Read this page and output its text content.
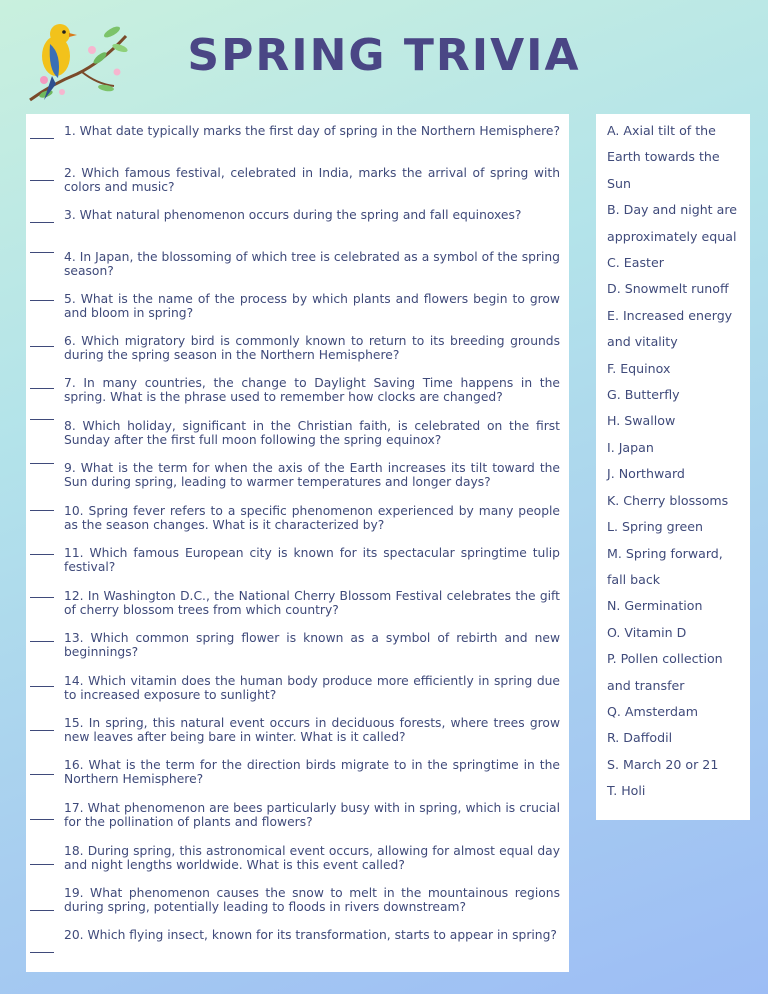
SPRING TRIVIA

1. What date typically marks the first day of spring in the Northern Hemisphere?

2. Which famous festival, celebrated in India, marks the arrival of spring with colors and music?

3. What natural phenomenon occurs during the spring and fall equinoxes?

4. In Japan, the blossoming of which tree is celebrated as a symbol of the spring season?

5. What is the name of the process by which plants and flowers begin to grow and bloom in spring?

6. Which migratory bird is commonly known to return to its breeding grounds during the spring season in the Northern Hemisphere?

7. In many countries, the change to Daylight Saving Time happens in the spring. What is the phrase used to remember how clocks are changed?

8. Which holiday, significant in the Christian faith, is celebrated on the first Sunday after the first full moon following the spring equinox?

9. What is the term for when the axis of the Earth increases its tilt toward the Sun during spring, leading to warmer temperatures and longer days?

10. Spring fever refers to a specific phenomenon experienced by many people as the season changes. What is it characterized by?

11. Which famous European city is known for its spectacular springtime tulip festival?

12. In Washington D.C., the National Cherry Blossom Festival celebrates the gift of cherry blossom trees from which country?

13. Which common spring flower is known as a symbol of rebirth and new beginnings?

14. Which vitamin does the human body produce more efficiently in spring due to increased exposure to sunlight?

15. In spring, this natural event occurs in deciduous forests, where trees grow new leaves after being bare in winter. What is it called?

16. What is the term for the direction birds migrate to in the springtime in the Northern Hemisphere?

17. What phenomenon are bees particularly busy with in spring, which is crucial for the pollination of plants and flowers?

18. During spring, this astronomical event occurs, allowing for almost equal day and night lengths worldwide. What is this event called?

19. What phenomenon causes the snow to melt in the mountainous regions during spring, potentially leading to floods in rivers downstream?

20. Which flying insect, known for its transformation, starts to appear in spring?

A. Axial tilt of the
Earth towards the
Sun
B. Day and night are
approximately equal
C. Easter
D. Snowmelt runoff
E. Increased energy
and vitality
F. Equinox
G. Butterfly
H. Swallow
I. Japan
J. Northward
K. Cherry blossoms
L. Spring green
M. Spring forward,
fall back
N. Germination
O. Vitamin D
P. Pollen collection
and transfer
Q. Amsterdam
R. Daffodil
S. March 20 or 21
T. Holi
